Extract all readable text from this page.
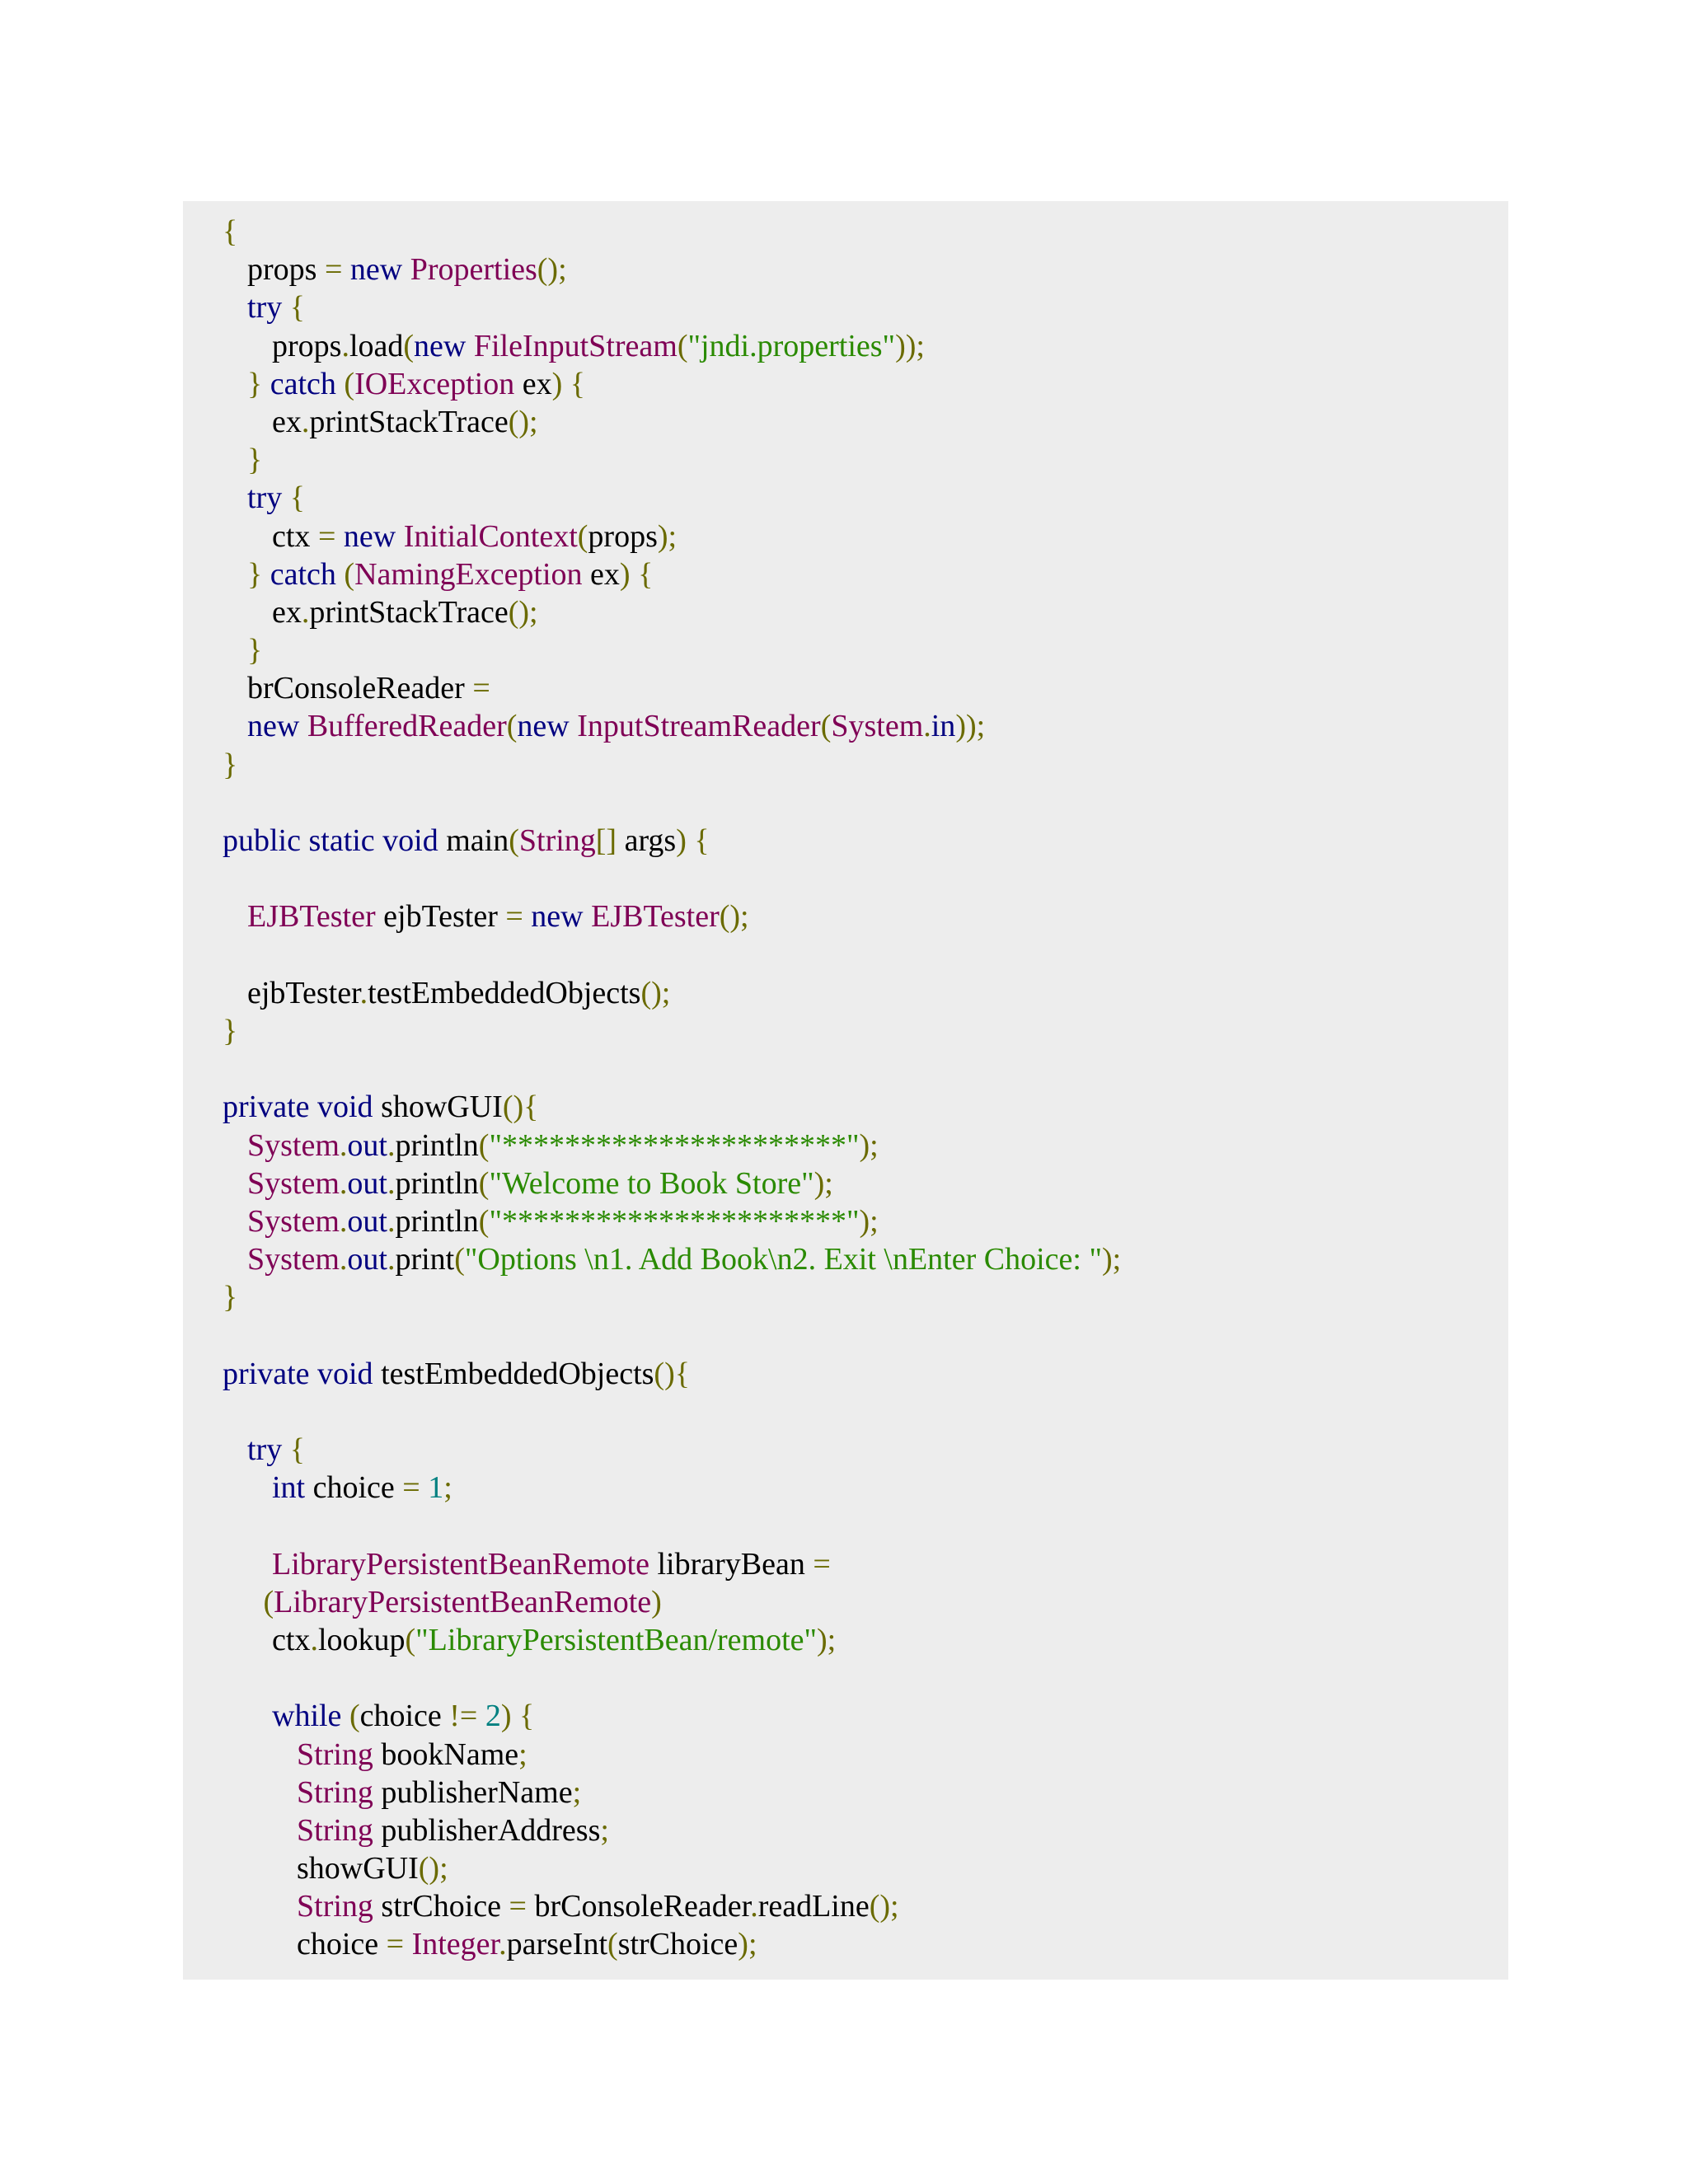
{
props = new Properties();
try {
props.load(new FileInputStream("jndi.properties"));
} catch (IOException ex) {
ex.printStackTrace();
}
try {
ctx = new InitialContext(props);
} catch (NamingException ex) {
ex.printStackTrace();
}
brConsoleReader =
new BufferedReader(new InputStreamReader(System.in));
}
public static void main(String[] args) {
EJBTester ejbTester = new EJBTester();
ejbTester.testEmbeddedObjects();
}
private void showGUI(){
System.out.println("**********************");
System.out.println("Welcome to Book Store");
System.out.println("**********************");
System.out.print("Options \n1. Add Book\n2. Exit \nEnter Choice: ");
}
private void testEmbeddedObjects(){
try {
int choice = 1;
LibraryPersistentBeanRemote libraryBean =
(LibraryPersistentBeanRemote)
ctx.lookup("LibraryPersistentBean/remote");
while (choice != 2) {
String bookName;
String publisherName;
String publisherAddress;
showGUI();
String strChoice = brConsoleReader.readLine();
choice = Integer.parseInt(strChoice);
